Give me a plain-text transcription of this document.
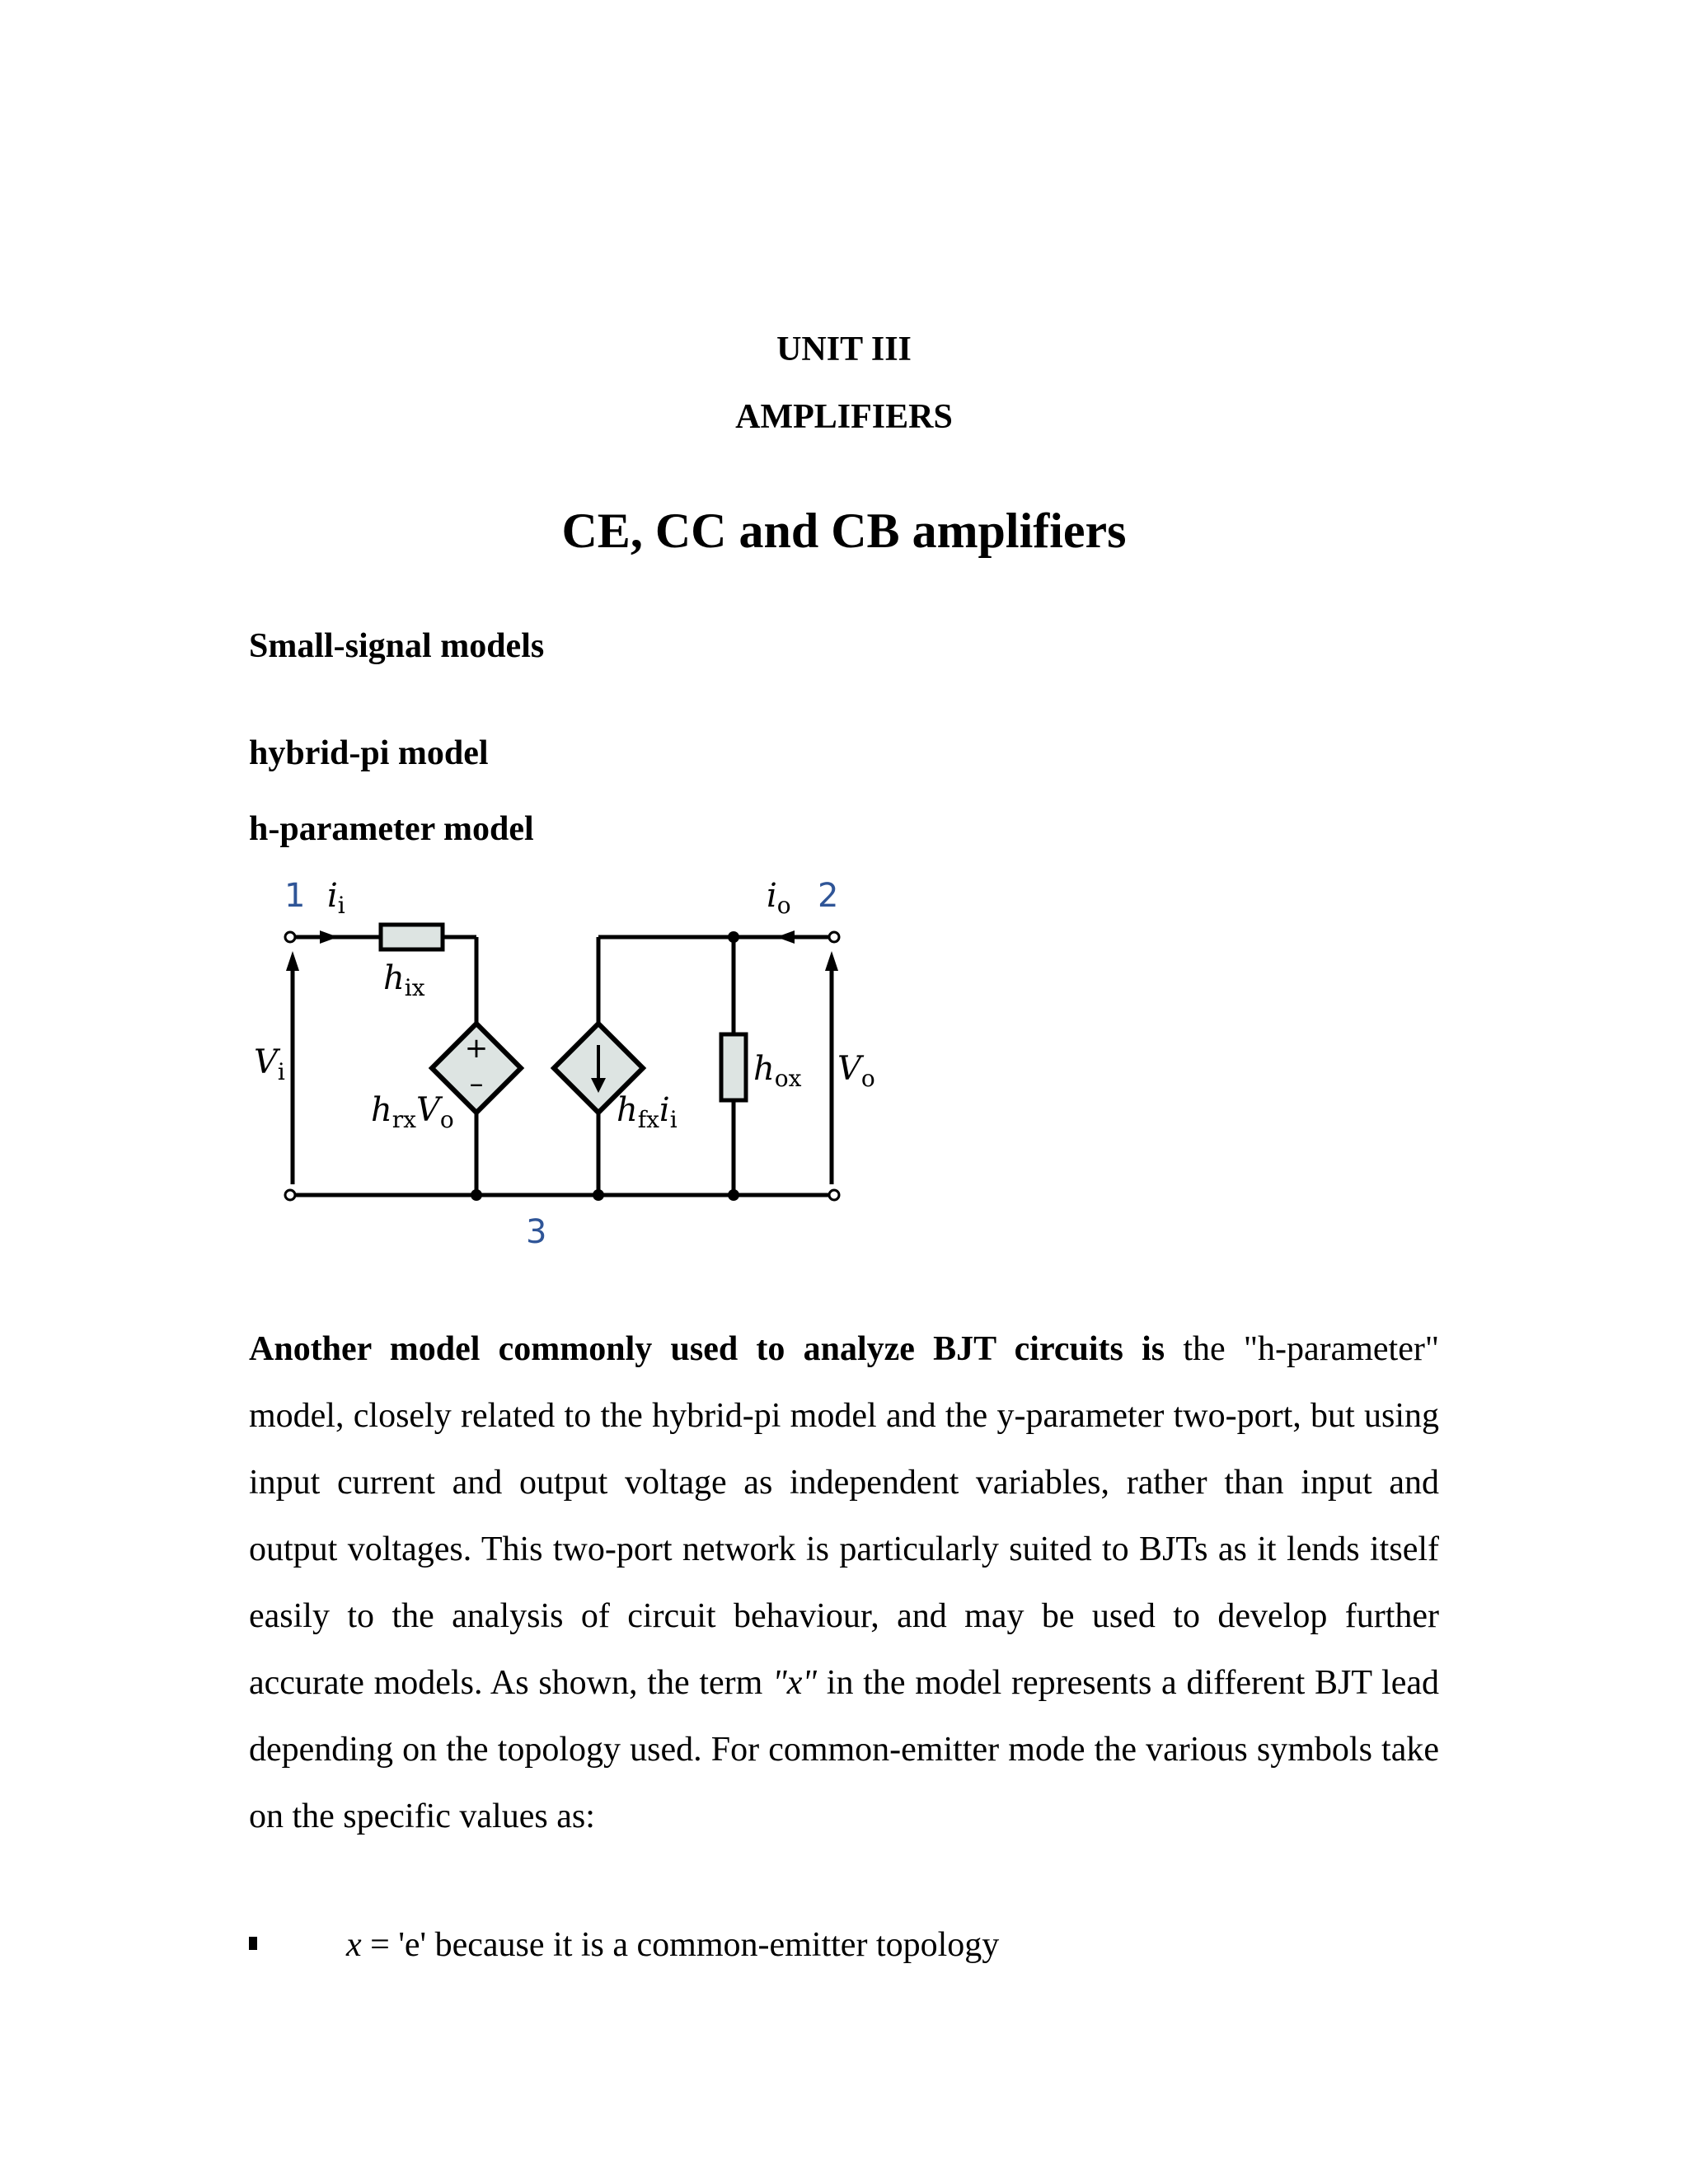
UNIT III
AMPLIFIERS
CE, CC and CB amplifiers
Small-signal models
hybrid-pi model
h-parameter model
+
–
1 $i_i$	$i_o$ 2
$h_{ix}$
$V_i$
$h_{rx}V_o$	$h_{fx}i_i$
$h_{ox}$ $V_o$
3

Another model commonly used to analyze BJT circuits is the "h-parameter" model, closely related to the hybrid-pi model and the y-parameter two-port, but using input current and output voltage as independent variables, rather than input and output voltages. This two-port network is particularly suited to BJTs as it lends itself easily to the analysis of circuit behaviour, and may be used to develop further accurate models. As shown, the term "x" in the model represents a different BJT lead depending on the topology used. For common-emitter mode the various symbols take on the specific values as:

x = 'e' because it is a common-emitter topology
